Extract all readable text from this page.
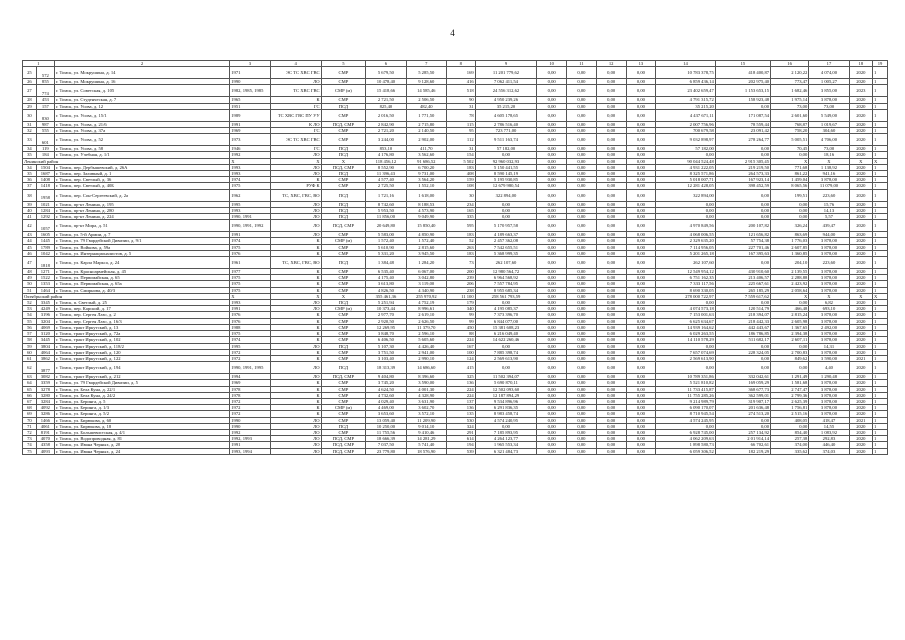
4
1		2	3	4	5	6	7	8	9	10	11	12	13	14	15	16	17	18	19
25	572	г. Томск, ул. Мокрушина, д. 14	1971	ЭС ТС ХВС ГВС	СМР	5 679,50	5 285,50	169	11 201 779,62	0,00	0,00	0,00	0,00	10 783 378,75	418 400,87	2 120,22	4 074,00	2020	1
26	855	г. Томск, ул. Мокрушина, д. 16	1990	ЛО	СМР	10 478,40	9 128,60	416	7 062 411,54	0,00	0,00	0,00	0,00	6 859 436,14	202 975,40	773,47	1 005,27	2020	1
27	774	г. Томск, ул. Советская, д. 105	1982, 1985, 1985	ТС ХВС ГВС	СМР (м)	15 418,66	14 585,46	518	24 556 312,62	0,00	0,00	0,00	0,00	23 402 659,47	1 153 653,15	1 682,46	3 855,00	2023	1
28	453	г. Томск, ул. Студенческая, д. 7	1965	К	СМР	2 721,50	2 506,50	90	4 950 239,26	0,00	0,00	0,00	0,00	4 791 315,72	158 923,48	1 975,14	3 878,00	2020	1
29	157	г. Томск, ул. Усова, д. 12	1951	ГС	ПСД	825,40	482,40	31	35 215,20	0,00	0,00	0,00	0,00	35 215,20	0,00	73,00	73,00	2020	1
30	830	г. Томск, ул. Усова, д. 15/1	1989	ТС ХВС ГВС ПУ УУ	СМР	2 016,50	1 771,50	78	4 605 178,65	0,00	0,00	0,00	0,00	4 437 671,11	171 087,54	2 601,60	5 549,00	2020	1
31	987	г. Томск, ул. Усова, д. 21/6	1991	К ЛО	ПСД, СМР	2 842,90	2 715,80	115	2 786 516,40	0,00	0,00	0,00	0,00	2 007 756,96	78 559,44	768,87	1 019,67	2020	1
32	555	г. Томск, ул. Усова, д. 37а	1969	ГС	СМР	2 721,20	2 140,50	95	723 771,00	0,00	0,00	0,00	0,00	700 679,58	23 091,42	758,20	304,60	2020	1
33	601	г. Томск, ул. Усова, д. 52	1973	ЭС ТС ХВС ГВС	СМР	3 244,00	2 902,00	112	9 511 163,74	0,00	0,00	0,00	0,00	9 032 898,97	278 264,77	5 005,51	4 706,00	2020	1
34	119	г. Томск, ул. Усова, д. 58	1946	ГС	ПСД	853,10	411,70	31	57 182,00	0,00	0,00	0,00	0,00	57 182,00	0,00	70,45	73,00	2020	1
35	184	г. Томск, ул. Учебная, д. 1/1	1992	ЛО	ПСД	4 176,80	3 562,60	154	0,00	0,00	0,00	0,00	0,00	0,00	0,00	0,00	18,16	2020	1
Ленинский район			X	X	X	118 456,12	91 686,52	5 502	92 960 032,93	0,00	0,00	0,00	0,00	90 044 524,48	2 915 305,45	X	X	X	X
34	1504	г. Томск, пер. Дербышевский, д. 26А	1993	ЛО	ПСД, СМР	8 552,90	6 700,20	183	5 150 441,55	0,00	0,00	0,00	0,00	4 931 222,05	219 219,50	771,68	1 138,92	2020	1
35	1687	г. Томск, пер. Заливный, д. 1	1993	ЛО	ПСД	11 396,43	9 731,00	408	8 590 145,19	0,00	0,00	0,00	0,00	8 325 571,86	264 573,33	861,22	941,16	2020	1
36	1408	г. Томск, пер. Светлый, д. 36	1974	К	СМР	4 577,40	3 564,20	159	5 195 930,85	0,00	0,00	0,00	0,00	5 018 007,71	167 923,14	1 459,04	3 878,00	2020	1
37	1418	г. Томск, пер. Светлый, д. 40Б	1975	РУФ К	СМР	2 725,50	1 552,10	108	12 679 980,54	0,00	0,00	0,00	0,00	12 281 428,05	398 452,59	8 065,56	11 079,00	2020	1
38	1958	г. Томск, пер. Сон-Сергеевский, д. 2а	1962	ТС, ХВС, ГВС, ВО	ПСД	1 721,16	1 618,00	30	322 894,00	0,00	0,00	0,00	0,00	322 894,00	0,00	199,51	223,60	2020	1
39	1021	г. Томск, пр-кт Ленина, д. 195	1995	ЛО	ПСД	8 742,60	8 188,53	234	0,00	0,00	0,00	0,00	0,00	0,00	0,00	0,00	15,76	2020	1
40	1284	г. Томск, пр-кт Ленина, д. 280	1993	ЛО	ПСД	5 953,50	4 573,90	165	0,00	0,00	0,00	0,00	0,00	0,00	0,00	0,00	14,13	2020	1
41	1292	г. Томск, пр-кт Ленина, д. 224	1990, 1991	ЛО	ПСД	11 856,00	9 049,90	335	0,00	0,00	0,00	0,00	0,00	0,00	0,00	0,00	5,57	2020	1
42	1057	г. Томск, пр-кт Мира, д. 51	1990, 1991, 1992	ЛО	ПСД, СМР	20 649,80	15 850,40	595	5 170 957,58	0,00	0,00	0,00	0,00	4 970 849,56	200 107,82	326,24	439,47	2020	1
43	1605	г. Томск, ул. 5-й Армии, д. 7	1991	ЛО	СМР	5 583,00	4 850,90	183	4 189 663,37	0,00	0,00	0,00	0,00	4 068 006,55	121 656,82	863,69	944,00	2020	1
44	1445	г. Томск, ул. 79 Гвардейской Дивизии, д. 9/1	1974	К	СМР (м)	1 572,40	1 572,40	52	2 457 362,08	0,00	0,00	0,00	0,00	2 329 635,20	57 754,38	1 776,03	3 878,00	2020	1
45	1789	г. Томск, ул. Войкова, д. 59а	1975	К	СМР	5 610,90	2 815,60	263	7 542 655,51	0,00	0,00	0,00	0,00	7 114 956,05	227 701,46	2 607,85	3 878,00	2020	1
46	1042	г. Томск, ул. Интернационалистов, д. 5	1976	К	СМР	5 331,20	3 945,50	183	5 368 999,35	0,00	0,00	0,00	0,00	5 201 265,18	167 395,63	1 360,85	3 878,00	2020	1
47	1818	г. Томск, ул. Карла Маркса, д. 24	1961	ТС, ХВС, ГВС, ВО	ПСД	1 384,48	1 284,20	73	262 107,60	0,00	0,00	0,00	0,00	262 107,60	0,00	204,10	223,60	2020	1
48	1271	г. Томск, ул. Красноармейская, д. 45	1977	К	СМР	6 535,40	6 067,00	200	12 980 564,72	0,00	0,00	0,00	0,00	12 549 954,12	430 910,60	2 139,55	3 878,00	2020	1
49	1522	г. Томск, ул. Первомайская, д. 65	1975	К	СМР	4 175,40	3 042,80	239	6 964 568,92	0,00	0,00	0,00	0,00	6 751 162,35	213 406,57	2 288,88	3 878,00	2020	1
50	1353	г. Томск, ул. Первомайская, д. 65а	1975	К	СМР	3 613,80	3 119,00	206	7 557 784,95	0,00	0,00	0,00	0,00	7 333 117,56	225 667,61	2 423,92	3 878,00	2020	1
51	1464	г. Томск, ул. Смирнова, д. 40/3	1975	К	СМР	4 826,50	4 340,90	238	8 955 685,34	0,00	0,00	0,00	0,00	8 690 330,05	265 185,29	2 058,64	3 878,00	2020	1
Октябрьский район			X	X	X	355 461,36	255 970,92	11 100	258 561 793,59	0,00	0,00	0,00	0,00	278 000 722,97	7 559 617,62	X	X	X	X
52	3345	г. Томск, п. Светлый, д. 25	1993	ЛО	ПСД	5 251,94	4 752,19	179	0,00	0,00	0,00	0,00	0,00	0,00	0,00	0,00	6,82	2020	1
53	4249	г. Томск, пер. Карский, д. 17	1991	ЛО	СМР (м)	10 373,44	8 996,61	340	4 195 085,37	0,00	0,00	0,00	0,00	4 074 573,18	120 514,79	466,48	693,10	2020	1
54	3196	г. Томск, пер. Сергея Лазо, д. 2	1976	К	СМР	2 977,70	2 619,10	99	7 373 396,70	0,00	0,00	0,00	0,00	7 153 001,63	218 394,07	2 815,24	3 878,00	2020	1
55	3204	г. Томск, пер. Сергея Лазо, д. 16/3	1976	К	СМР	2 920,50	2 626,50	99	6 844 077,00	0,00	0,00	0,00	0,00	6 625 634,67	218 442,33	2 605,98	3 878,00	2020	1
56	4069	г. Томск, тракт Иркутский, д. 13	1988	К	СМР	12 269,95	11 379,70	450	15 381 608,23	0,00	0,00	0,00	0,00	14 939 164,62	442 443,67	1 367,65	2 492,00	2020	1
57	3120	г. Томск, тракт Иркутский, д. 72а	1975	К	СМР	3 848,70	2 596,10	88	6 216 049,40	0,00	0,00	0,00	0,00	6 029 263,55	186 786,85	2 394,38	3 878,00	2020	1
58	3445	г. Томск, тракт Иркутский, д. 102	1974	К	СМР	6 406,50	5 605,60	224	14 622 260,46	0,00	0,00	0,00	0,00	14 110 578,29	511 682,17	2 607,11	3 878,00	2020	1
59	3804	г. Томск, тракт Иркутский, д. 118/2	1995	ЛО	ПСД	5 107,30	4 426,40	167	0,00	0,00	0,00	0,00	0,00	0,00	0,00	0,00	14,31	2020	1
60	4064	г. Томск, тракт Иркутский, д. 120	1972	К	СМР	3 751,50	2 941,00	100	7 885 398,74	0,00	0,00	0,00	0,00	7 657 074,69	228 324,05	2 700,83	3 878,00	2020	1
61	3862	г. Томск, тракт Иркутский, д. 122	1972	К	СМР	3 103,40	2 990,10	124	2 569 613,90	0,00	0,00	0,00	0,00	2 569 613,90	0,00	849,62	3 590,00	2021	1
62	3877	г. Томск, тракт Иркутский, д. 194	1990, 1991, 1995	ЛО	ПСД	18 313,39	14 686,60	415	0,00	0,00	0,00	0,00	0,00	0,00	0,00	0,00	4,40	2020	1
63	3082	г. Томск, тракт Иркутский, д. 212	1994	ЛО	ПСД, СМР	9 404,80	8 396,60	325	11 502 394,07	0,00	0,00	0,00	0,00	10 789 351,86	332 042,61	1 291,49	1 290,48	2020	1
64	3359	г. Томск, ул. 79 Гвардейской Дивизии, д. 5	1969	К	СМР	3 745,20	3 590,00	136	5 690 870,11	0,00	0,00	0,00	0,00	5 521 810,82	169 059,29	1 581,68	3 878,00	2020	1
65	3278	г. Томск, ул. Бела Куна, д. 22/1	1978	К	СМР	4 624,50	4 001,30	224	12 502 093,60	0,00	0,00	0,00	0,00	11 733 415,87	368 677,73	2 747,47	3 878,00	2020	1
66	3280	г. Томск, ул. Бела Куна, д. 24/2	1978	К	СМР	4 732,60	4 328,90	224	12 187 894,29	0,00	0,00	0,00	0,00	11 755 285,26	362 599,01	2 799,36	3 878,00	2020	1
67	3284	г. Томск, ул. Беринга, д. 5	1972	К	СМР	4 029,40	3 631,90	137	9 534 896,96	0,00	0,00	0,00	0,00	9 214 989,79	319 907,17	2 625,39	3 878,00	2020	1
68	4092	г. Томск, ул. Беринга, д. 1/3	1972	К	СМР (м)	4 469,00	3 602,70	136	6 291 836,35	0,00	0,00	0,00	0,00	6 090 170,07	201 636,48	1 756,81	3 878,00	2020	1
69	3286	г. Томск, ул. Беринга, д. 5/2	1972	К	СМР	3 653,60	3 572,10	135	8 983 458,74	0,00	0,00	0,00	0,00	8 710 945,54	274 513,20	2 515,16	3 878,00	2020	1
70	1466	г. Томск, ул. Бирюкова, д. 60	1990	ЛО	СМР	13 059,40	11 209,90	530	4 574 240,95	0,00	0,00	0,00	0,00	4 574 245,95	0,00	408,05	418,47	2021	1
71	4061	г. Томск, ул. Бирюкова, д. 18	1990	ЛО	ПСД	10 250,00	9 014,10	324	0,00	0,00	0,00	0,00	0,00	0,00	0,00	0,00	14,55	2020	1
72	8191	г. Томск, ул. Большевистская, д. 4/1	1992	ЛО	СМР	11 755,56	9 410,46	291	7 185 893,95	0,00	0,00	0,00	0,00	6 928 745,00	257 134,92	854,40	1 083,92	2020	1
73	4070	г. Томск, ул. Водопроводная, д. 81	1992, 1993	ЛО	ПСД, СМР	18 666,39	14 281,29	614	4 264 123,77	0,00	0,00	0,00	0,00	4 062 209,63	2 01 914,14	257,38	292,83	2020	1
74	4358	г. Томск, ул. Ивана Черных, д. 20	1991	ЛО	ПСД, СМР	7 037,50	5 741,40	194	1 965 553,34	0,00	0,00	0,00	0,00	1 898 580,73	66 702,61	374,00	446,40	2020	1
75	4093	г. Томск, ул. Ивана Черных, д. 24	1993, 1994	ЛО	ПСД, СМР	23 779,80	18 576,90	539	6 321 484,73	0,00	0,00	0,00	0,00	6 059 306,52	182 219,29	335,62	374,03	2020	1
